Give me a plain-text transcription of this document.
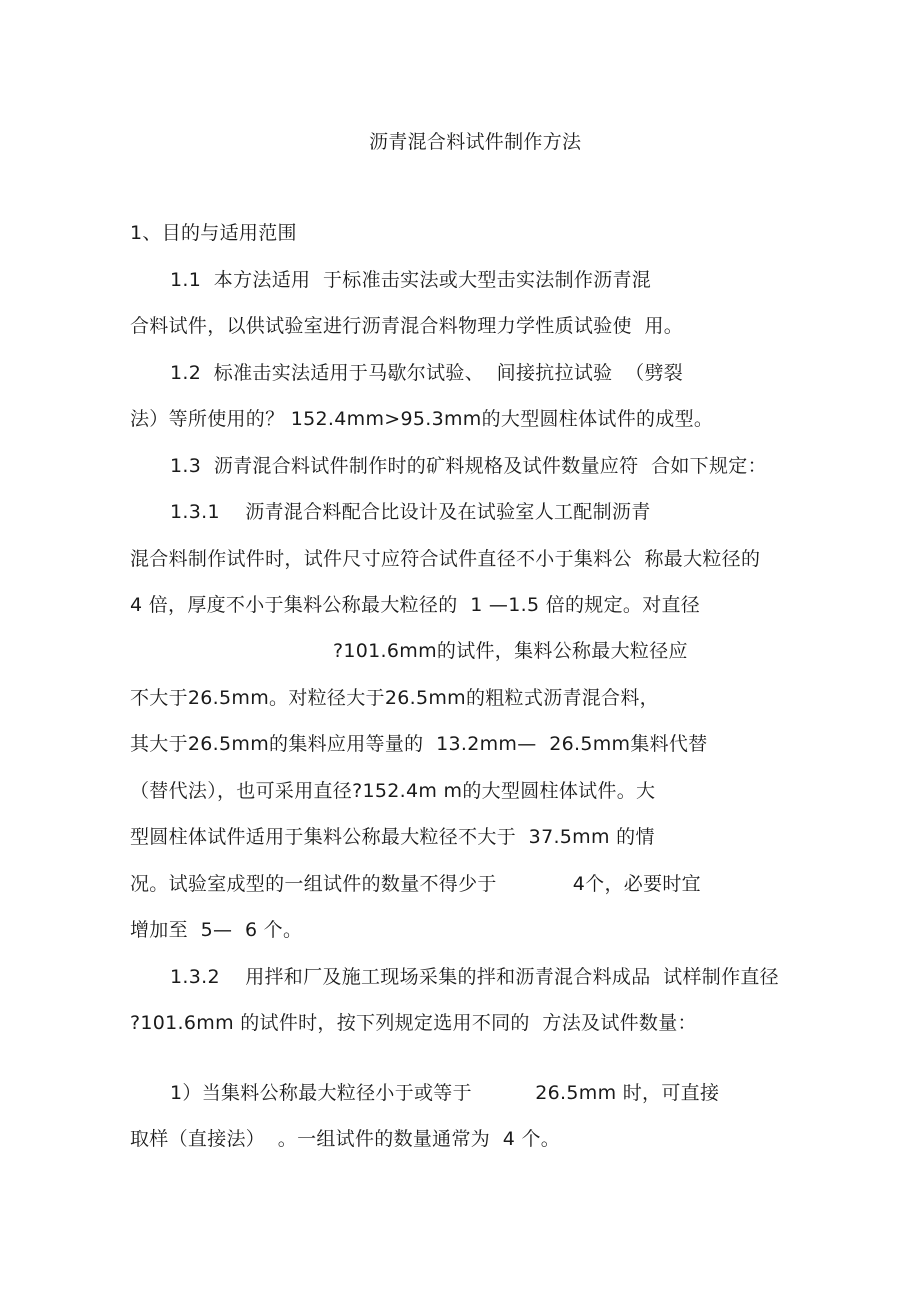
沥青混合料试件制作方法
1、目的与适用范围
1.1  本方法适用  于标准击实法或大型击实法制作沥青混
合料试件，以供试验室进行沥青混合料物理力学性质试验使  用。
1.2  标准击实法适用于马歇尔试验、  间接抗拉试验  （劈裂
法）等所使用的？ 152.4mm>95.3mm的大型圆柱体试件的成型。
1.3  沥青混合料试件制作时的矿料规格及试件数量应符  合如下规定：
1.3.1    沥青混合料配合比设计及在试验室人工配制沥青
混合料制作试件时，试件尺寸应符合试件直径不小于集料公  称最大粒径的
4 倍，厚度不小于集料公称最大粒径的  1 —1.5 倍的规定。对直径
?101.6mm的试件，集料公称最大粒径应
不大于26.5mm。对粒径大于26.5mm的粗粒式沥青混合料，
其大于26.5mm的集料应用等量的  13.2mm—  26.5mm集料代替
（替代法），也可采用直径?152.4m m的大型圆柱体试件。大
型圆柱体试件适用于集料公称最大粒径不大于  37.5mm 的情
况。试验室成型的一组试件的数量不得少于            4个，必要时宜
增加至  5—  6 个。
1.3.2    用拌和厂及施工现场采集的拌和沥青混合料成品  试样制作直径
?101.6mm 的试件时，按下列规定选用不同的  方法及试件数量：
1）当集料公称最大粒径小于或等于          26.5mm 时，可直接
取样（直接法）  。一组试件的数量通常为  4 个。
